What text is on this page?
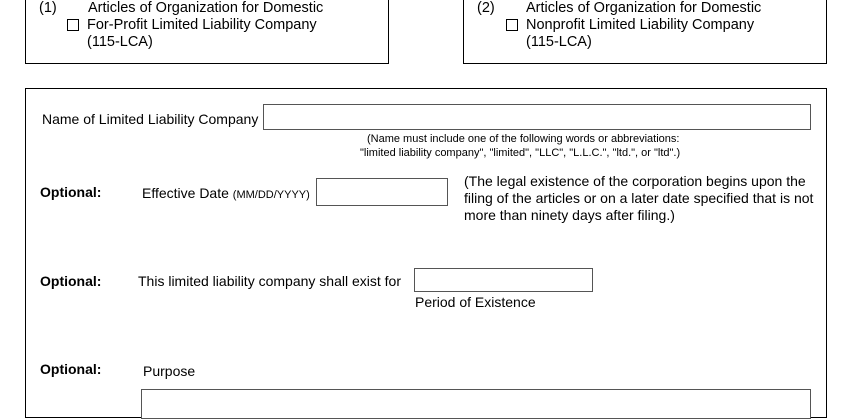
(1) Articles of Organization for Domestic
For-Profit Limited Liability Company
(115-LCA)
(2) Articles of Organization for Domestic
Nonprofit Limited Liability Company
(115-LCA)
Name of Limited Liability Company
(Name must include one of the following words or abbreviations:
"limited liability company", "limited", "LLC", "L.L.C.", "ltd.", or "ltd".)
Optional:	Effective Date (MM/DD/YYYY)
(The legal existence of the corporation begins upon the
filing of the articles or on a later date specified that is not
more than ninety days after filing.)
Optional:	This limited liability company shall exist for
Period of Existence
Optional:	Purpose
